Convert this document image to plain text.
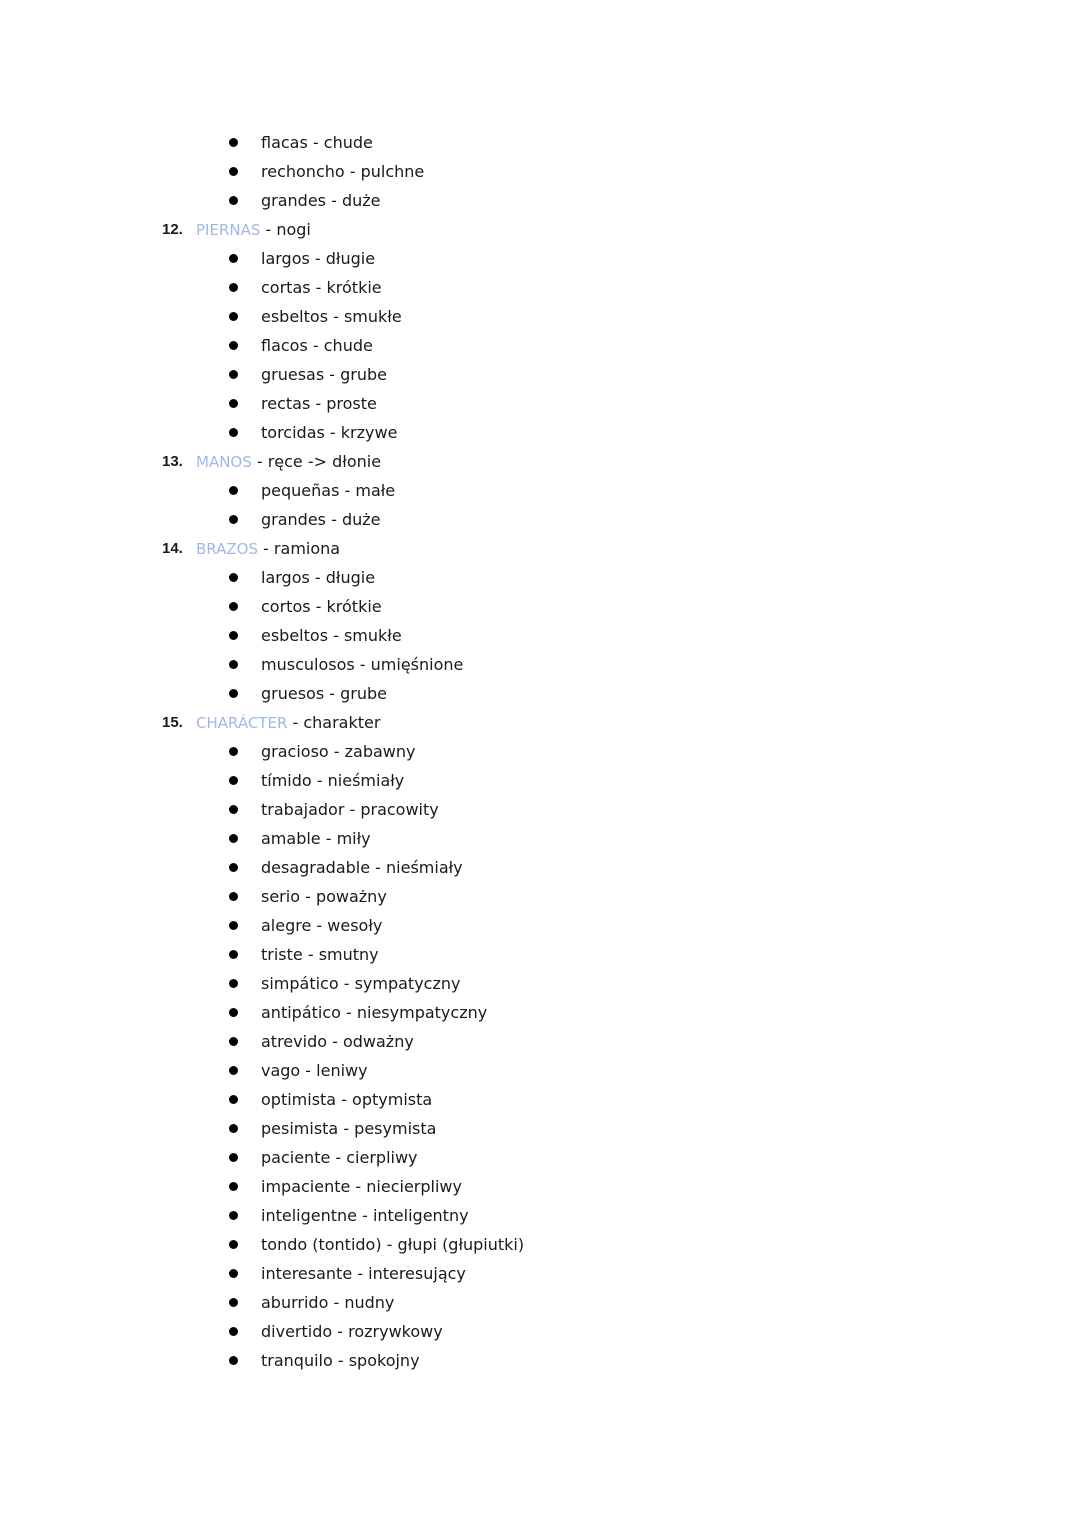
flacas - chude
rechoncho - pulchne
grandes - duże
12. PIERNAS - nogi
largos - długie
cortas - krótkie
esbeltos - smukłe
flacos - chude
gruesas - grube
rectas - proste
torcidas - krzywe
13. MANOS - ręce -> dłonie
pequeñas - małe
grandes - duże
14. BRAZOS - ramiona
largos - długie
cortos - krótkie
esbeltos - smukłe
musculosos - umięśnione
gruesos - grube
15. CHARÁCTER - charakter
gracioso - zabawny
tímido - nieśmiały
trabajador - pracowity
amable - miły
desagradable - nieśmiały
serio - poważny
alegre - wesoły
triste - smutny
simpático - sympatyczny
antipático - niesympatyczny
atrevido - odważny
vago - leniwy
optimista - optymista
pesimista - pesymista
paciente - cierpliwy
impaciente - niecierpliwy
inteligentne - inteligentny
tondo (tontido) - głupi (głupiutki)
interesante - interesujący
aburrido - nudny
divertido - rozrywkowy
tranquilo - spokojny
